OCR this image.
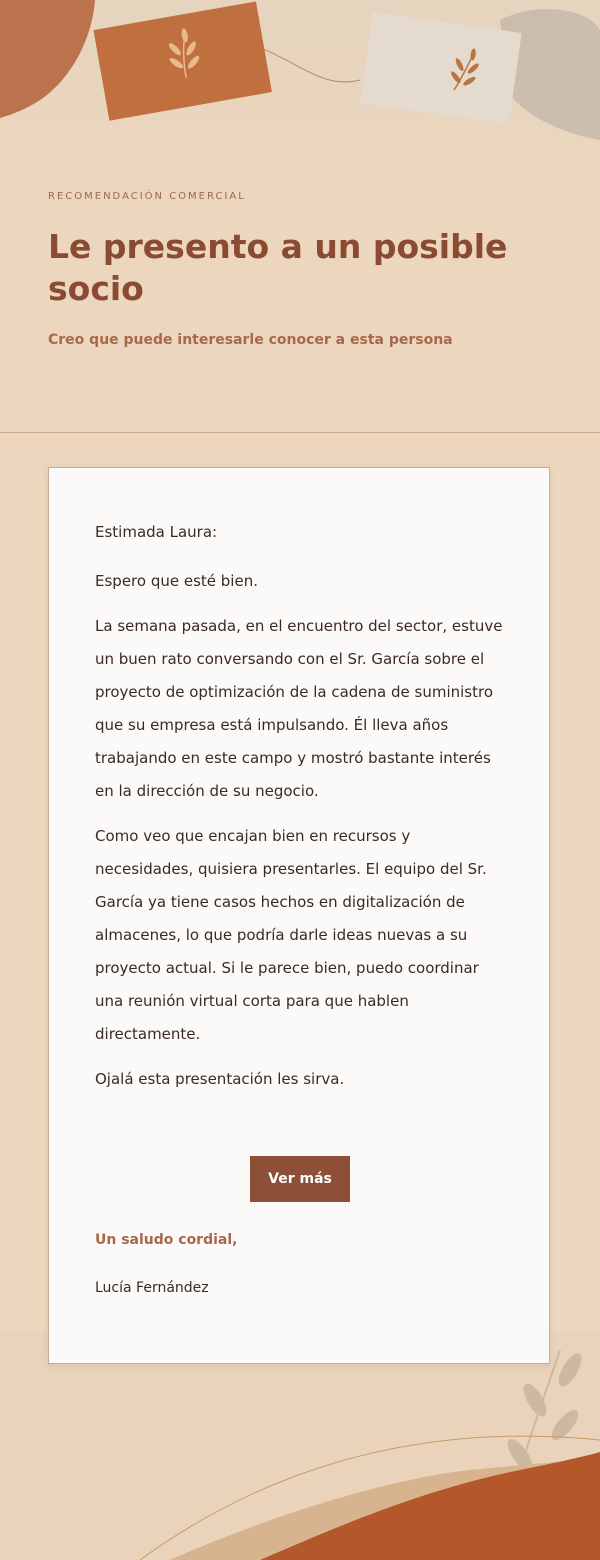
RECOMENDACIÓN COMERCIAL

Le presento a un posible socio

Creo que puede interesarle conocer a esta persona

Estimada Laura:

Espero que esté bien.

La semana pasada, en el encuentro del sector, estuve un buen rato conversando con el Sr. García sobre el proyecto de optimización de la cadena de suministro que su empresa está impulsando. Él lleva años trabajando en este campo y mostró bastante interés en la dirección de su negocio.

Como veo que encajan bien en recursos y necesidades, quisiera presentarles. El equipo del Sr. García ya tiene casos hechos en digitalización de almacenes, lo que podría darle ideas nuevas a su proyecto actual. Si le parece bien, puedo coordinar una reunión virtual corta para que hablen directamente.

Ojalá esta presentación les sirva.

Ver más
Un saludo cordial,
Lucía Fernández
